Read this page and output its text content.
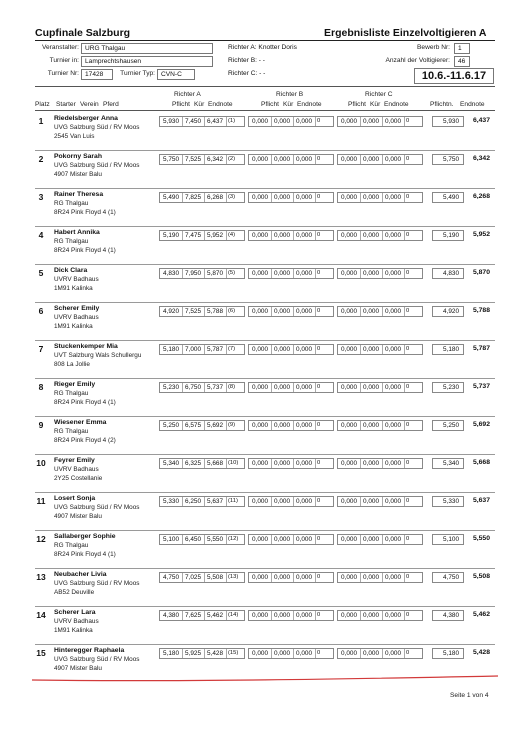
Cupfinale Salzburg	Ergebnisliste Einzelvoltigieren A
Veranstalter: URG Thalgau
Turnier in: Lamprechtshausen
Turnier Nr: 17428	Turnier Typ: CVN-C
Richter A: Knotter Doris
Richter B: - -
Richter C: - -
Bewerb Nr:	1
Anzahl der Voltigierer:	46
10.6.-11.6.17
Richter A	Richter B	Richter C
Platz Starter Verein Pferd	Pflicht Kür Endnote	Pflicht Kür Endnote	Pflicht Kür Endnote	Pflichtn. Endnote
1	Riedelsberger Anna
UVG Salzburg Süd / RV Moos
2545 Van Luis
5,930 7,450 6,437 (1)	0,000 0,000 0,000 0	0,000 0,000 0,000 0	5,930	6,437
2	Pokorny Sarah
UVG Salzburg Süd / RV Moos
4907 Mister Balu
5,750 7,525 6,342 (2)	0,000 0,000 0,000 0	0,000 0,000 0,000 0	5,750	6,342
3	Rainer Theresa
RG Thalgau
8R24 Pink Floyd 4 (1)
5,490 7,825 6,268 (3)	0,000 0,000 0,000 0	0,000 0,000 0,000 0	5,490	6,268
4	Habert Annika
RG Thalgau
8R24 Pink Floyd 4 (1)
5,190 7,475 5,952 (4)	0,000 0,000 0,000 0	0,000 0,000 0,000 0	5,190	5,952
5	Dick Clara
UVRV Badhaus
1M91 Kalinka
4,830 7,950 5,870 (5)	0,000 0,000 0,000 0	0,000 0,000 0,000 0	4,830	5,870
6	Scherer Emily
UVRV Badhaus
1M91 Kalinka
4,920 7,525 5,788 (6)	0,000 0,000 0,000 0	0,000 0,000 0,000 0	4,920	5,788
7	Stuckenkemper Mia
UVT Salzburg Wals Schullergu
808 La Jollie
5,180 7,000 5,787 (7)	0,000 0,000 0,000 0	0,000 0,000 0,000 0	5,180	5,787
8	Rieger Emily
RG Thalgau
8R24 Pink Floyd 4 (1)
5,230 6,750 5,737 (8)	0,000 0,000 0,000 0	0,000 0,000 0,000 0	5,230	5,737
9	Wiesener Emma
RG Thalgau
8R24 Pink Floyd 4 (2)
5,250 6,575 5,692 (9)	0,000 0,000 0,000 0	0,000 0,000 0,000 0	5,250	5,692
10	Feyrer Emily
UVRV Badhaus
2Y25 Costellanie
5,340 6,325 5,668 (10)	0,000 0,000 0,000 0	0,000 0,000 0,000 0	5,340	5,668
11	Losert Sonja
UVG Salzburg Süd / RV Moos
4907 Mister Balu
5,330 6,250 5,637 (11)	0,000 0,000 0,000 0	0,000 0,000 0,000 0	5,330	5,637
12	Sallaberger Sophie
RG Thalgau
8R24 Pink Floyd 4 (1)
5,100 6,450 5,550 (12)	0,000 0,000 0,000 0	0,000 0,000 0,000 0	5,100	5,550
13	Neubacher Livia
UVG Salzburg Süd / RV Moos
AB52 Deuville
4,750 7,025 5,508 (13)	0,000 0,000 0,000 0	0,000 0,000 0,000 0	4,750	5,508
14	Scherer Lara
UVRV Badhaus
1M91 Kalinka
4,380 7,625 5,462 (14)	0,000 0,000 0,000 0	0,000 0,000 0,000 0	4,380	5,462
15	Hinteregger Raphaela
UVG Salzburg Süd / RV Moos
4907 Mister Balu
5,180 5,925 5,428 (15)	0,000 0,000 0,000 0	0,000 0,000 0,000 0	5,180	5,428
Seite 1 von 4
